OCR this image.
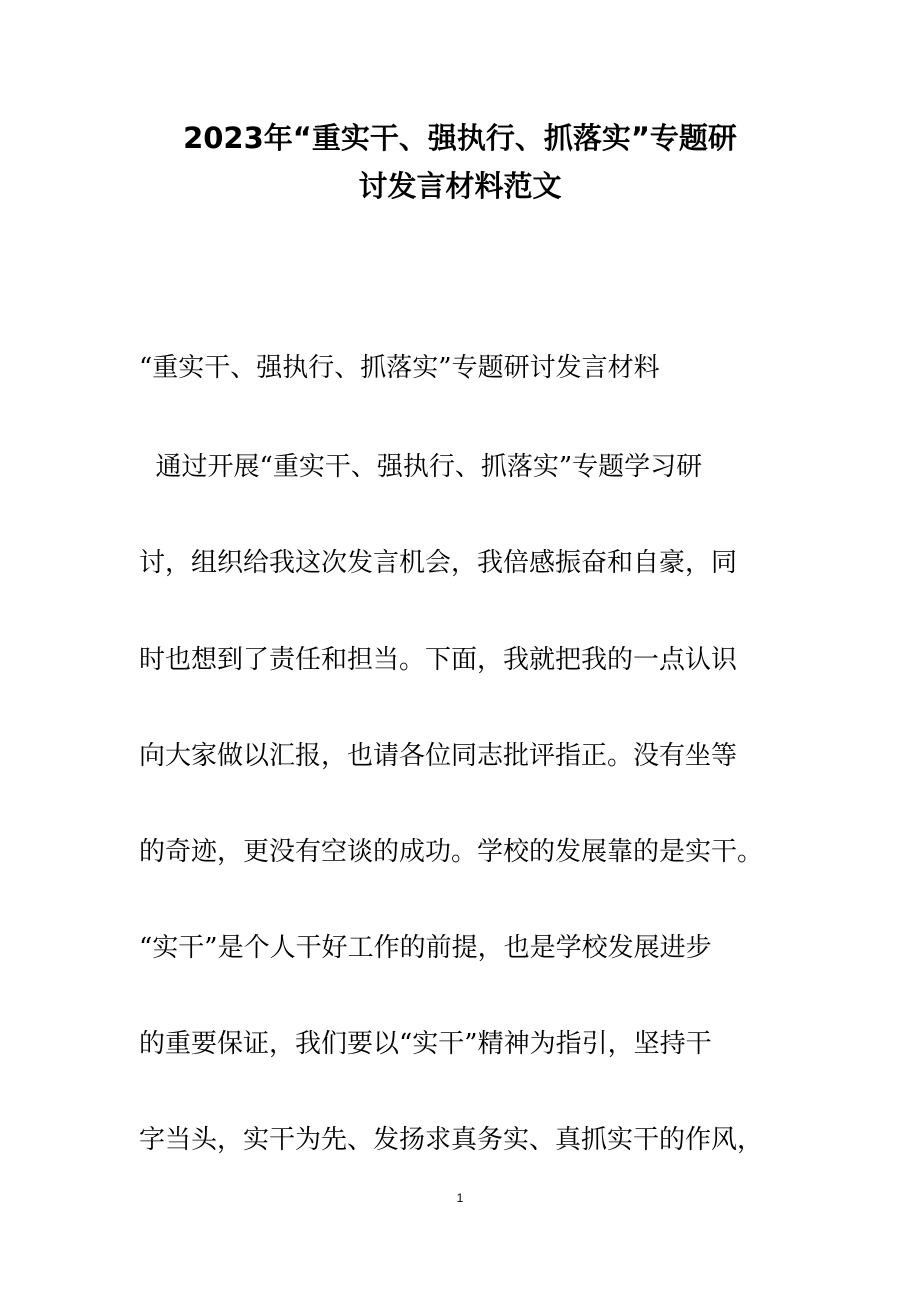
2023年“重实干、强执行、抓落实”专题研
讨发言材料范文
“重实干、强执行、抓落实”专题研讨发言材料
通过开展“重实干、强执行、抓落实”专题学习研
讨，组织给我这次发言机会，我倍感振奋和自豪，同
时也想到了责任和担当。下面，我就把我的一点认识
向大家做以汇报，也请各位同志批评指正。没有坐等
的奇迹，更没有空谈的成功。学校的发展靠的是实干。
“实干”是个人干好工作的前提，也是学校发展进步
的重要保证，我们要以“实干”精神为指引，坚持干
字当头，实干为先、发扬求真务实、真抓实干的作风，
1
